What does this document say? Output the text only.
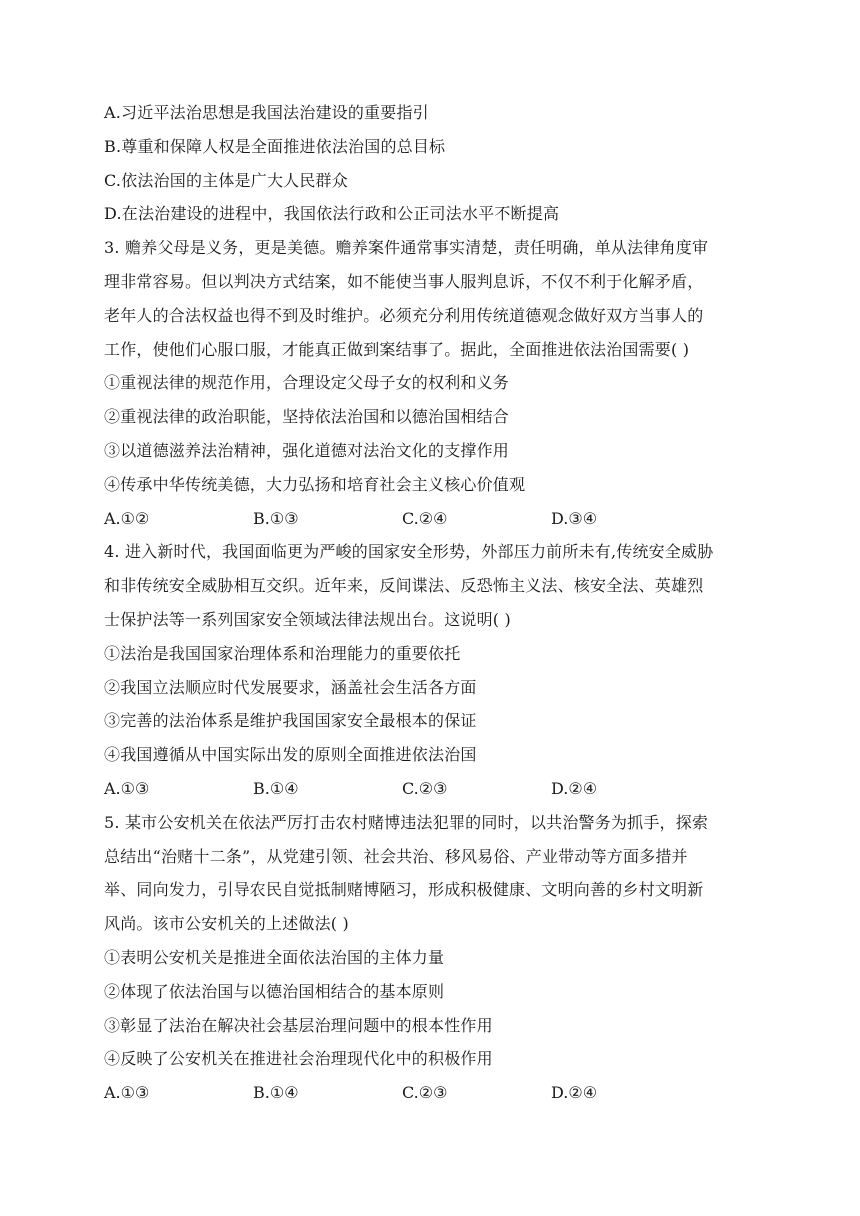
A.习近平法治思想是我国法治建设的重要指引

B.尊重和保障人权是全面推进依法治国的总目标

C.依法治国的主体是广大人民群众

D.在法治建设的进程中，我国依法行政和公正司法水平不断提高

3. 赡养父母是义务，更是美德。赡养案件通常事实清楚，责任明确，单从法律角度审

理非常容易。但以判决方式结案，如不能使当事人服判息诉，不仅不利于化解矛盾，

老年人的合法权益也得不到及时维护。必须充分利用传统道德观念做好双方当事人的

工作，使他们心服口服，才能真正做到案结事了。据此，全面推进依法治国需要( )

①重视法律的规范作用，合理设定父母子女的权利和义务

②重视法律的政治职能，坚持依法治国和以德治国相结合

③以道德滋养法治精神，强化道德对法治文化的支撑作用

④传承中华传统美德，大力弘扬和培育社会主义核心价值观

A.①②	B.①③	C.②④	D.③④

4. 进入新时代，我国面临更为严峻的国家安全形势，外部压力前所未有,传统安全威胁

和非传统安全威胁相互交织。近年来，反间谍法、反恐怖主义法、核安全法、英雄烈

士保护法等一系列国家安全领域法律法规出台。这说明( )

①法治是我国国家治理体系和治理能力的重要依托

②我国立法顺应时代发展要求，涵盖社会生活各方面

③完善的法治体系是维护我国国家安全最根本的保证

④我国遵循从中国实际出发的原则全面推进依法治国

A.①③	B.①④	C.②③	D.②④

5. 某市公安机关在依法严厉打击农村赌博违法犯罪的同时，以共治警务为抓手，探索

总结出“治赌十二条”，从党建引领、社会共治、移风易俗、产业带动等方面多措并

举、同向发力，引导农民自觉抵制赌博陋习，形成积极健康、文明向善的乡村文明新

风尚。该市公安机关的上述做法( )

①表明公安机关是推进全面依法治国的主体力量

②体现了依法治国与以德治国相结合的基本原则

③彰显了法治在解决社会基层治理问题中的根本性作用

④反映了公安机关在推进社会治理现代化中的积极作用

A.①③	B.①④	C.②③	D.②④
